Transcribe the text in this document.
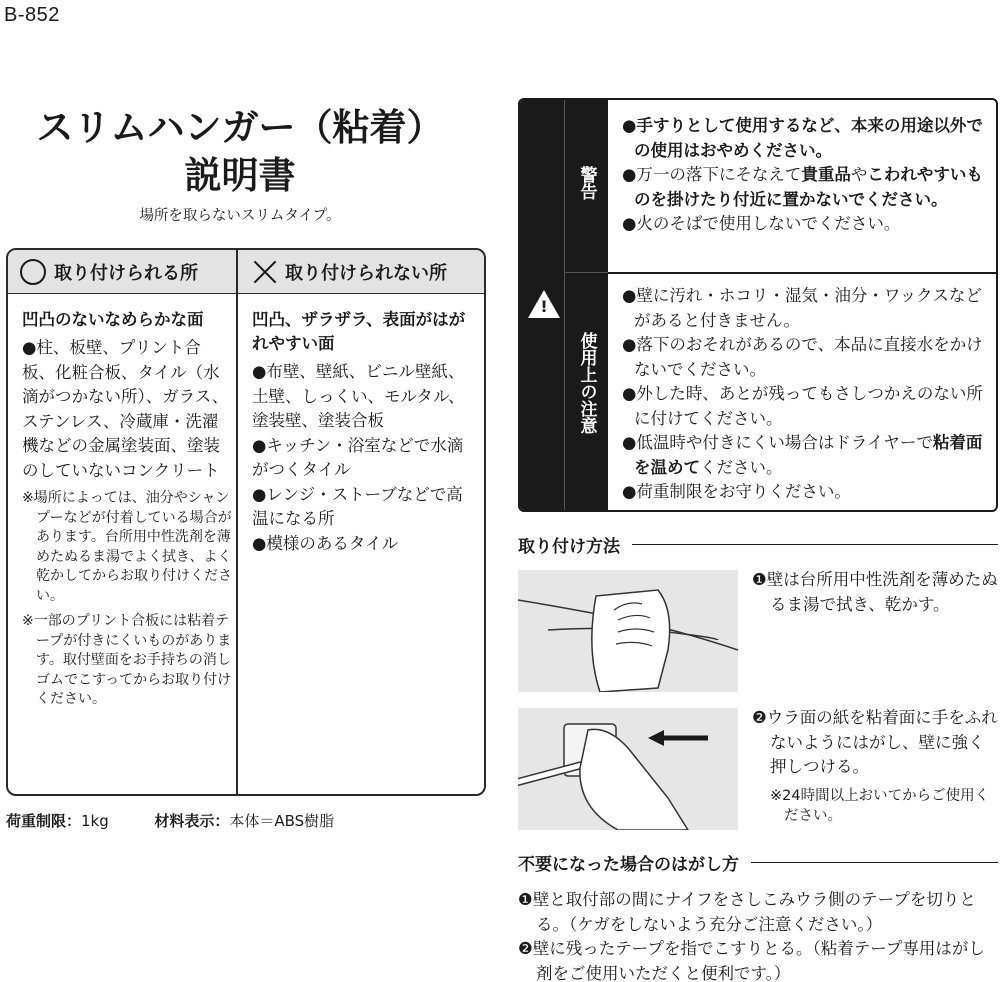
B-852
スリムハンガー（粘着）
説明書
場所を取らないスリムタイプ。
取り付けられる所	取り付けられない所
凹凸のないなめらかな面

●柱、板壁、プリント合板、化粧合板、タイル（水滴がつかない所）、ガラス、ステンレス、冷蔵庫・洗濯機などの金属塗装面、塗装のしていないコンクリート

※場所によっては、油分やシャンプーなどが付着している場合があります。台所用中性洗剤を薄めたぬるま湯でよく拭き、よく乾かしてからお取り付けください。

※一部のプリント合板には粘着テープが付きにくいものがあります。取付壁面をお手持ちの消しゴムでこすってからお取り付けください。

凹凸、ザラザラ、表面がはがれやすい面

●布壁、壁紙、ビニル壁紙、土壁、しっくい、モルタル、塗装壁、塗装合板

●キッチン・浴室などで水滴がつくタイル

●レンジ・ストーブなどで高温になる所

●模様のあるタイル

荷重制限：1kg	材料表示：本体＝ABS樹脂
!
警告
使用上の注意

●手すりとして使用するなど、本来の用途以外での使用はおやめください。

●万一の落下にそなえて貴重品やこわれやすいものを掛けたり付近に置かないでください。

●火のそばで使用しないでください。

●壁に汚れ・ホコリ・湿気・油分・ワックスなどがあると付きません。

●落下のおそれがあるので、本品に直接水をかけないでください。

●外した時、あとが残ってもさしつかえのない所に付けてください。

●低温時や付きにくい場合はドライヤーで粘着面を温めてください。

●荷重制限をお守りください。

取り付け方法
❶壁は台所用中性洗剤を薄めたぬるま湯で拭き、乾かす。
❷ウラ面の紙を粘着面に手をふれないようにはがし、壁に強く押しつける。
※24時間以上おいてからご使用ください。
不要になった場合のはがし方

❶壁と取付部の間にナイフをさしこみウラ側のテープを切りとる。（ケガをしないよう充分ご注意ください。）

❷壁に残ったテープを指でこすりとる。（粘着テープ専用はがし剤をご使用いただくと便利です。）
